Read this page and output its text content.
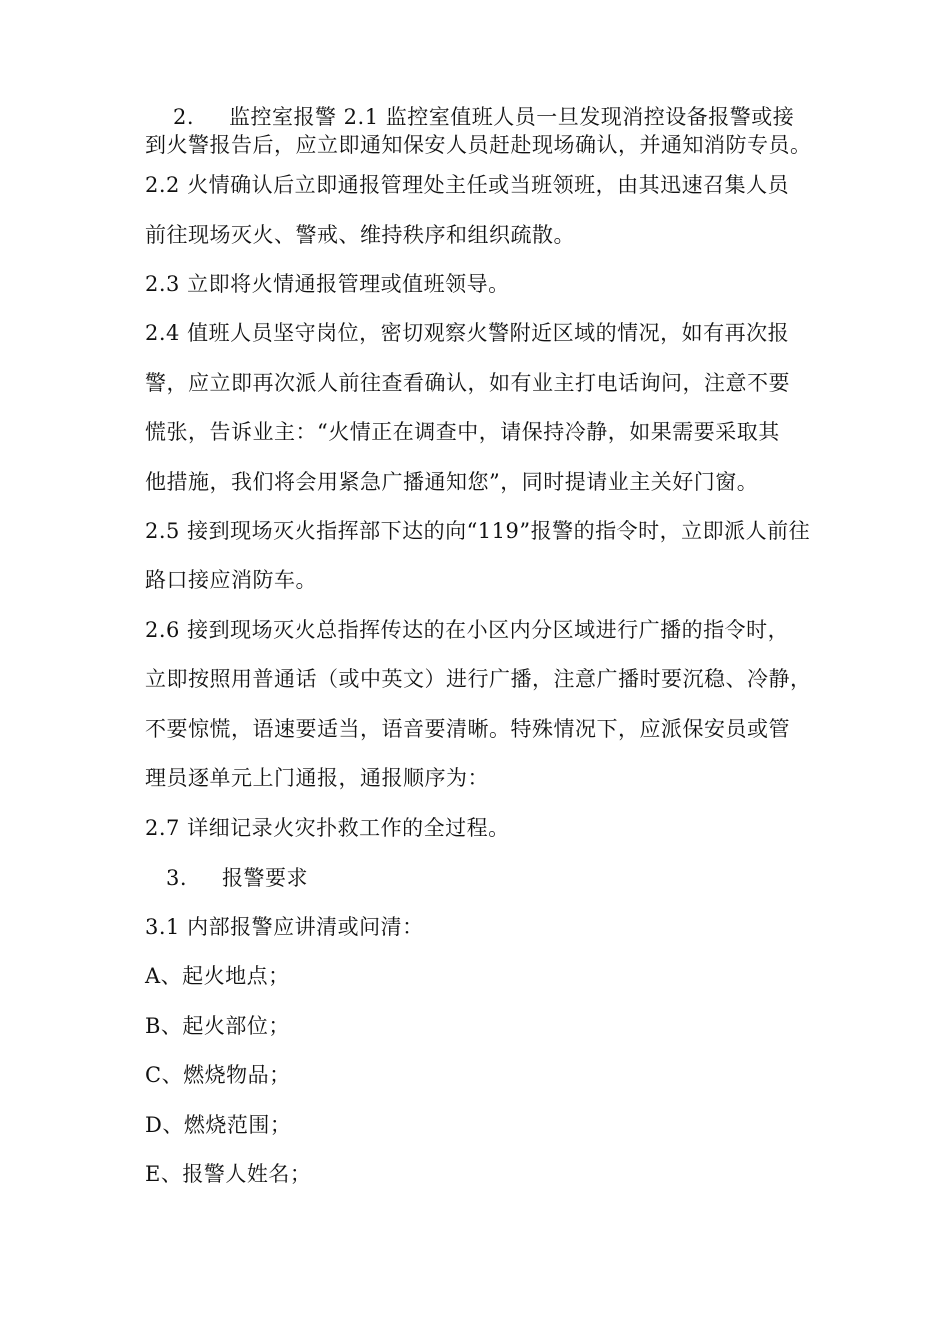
2. 监控室报警 2.1 监控室值班人员一旦发现消控设备报警或接
到火警报告后，应立即通知保安人员赶赴现场确认，并通知消防专员。
2.2 火情确认后立即通报管理处主任或当班领班，由其迅速召集人员
前往现场灭火、警戒、维持秩序和组织疏散。
2.3 立即将火情通报管理或值班领导。
2.4 值班人员坚守岗位，密切观察火警附近区域的情况，如有再次报
警，应立即再次派人前往查看确认，如有业主打电话询问，注意不要
慌张，告诉业主：“火情正在调查中，请保持冷静，如果需要采取其
他措施，我们将会用紧急广播通知您”，同时提请业主关好门窗。
2.5 接到现场灭火指挥部下达的向“119”报警的指令时，立即派人前往
路口接应消防车。
2.6 接到现场灭火总指挥传达的在小区内分区域进行广播的指令时，
立即按照用普通话（或中英文）进行广播，注意广播时要沉稳、冷静，
不要惊慌，语速要适当，语音要清晰。特殊情况下，应派保安员或管
理员逐单元上门通报，通报顺序为：
2.7 详细记录火灾扑救工作的全过程。
3. 报警要求
3.1 内部报警应讲清或问清：
A、起火地点；
B、起火部位；
C、燃烧物品；
D、燃烧范围；
E、报警人姓名；
